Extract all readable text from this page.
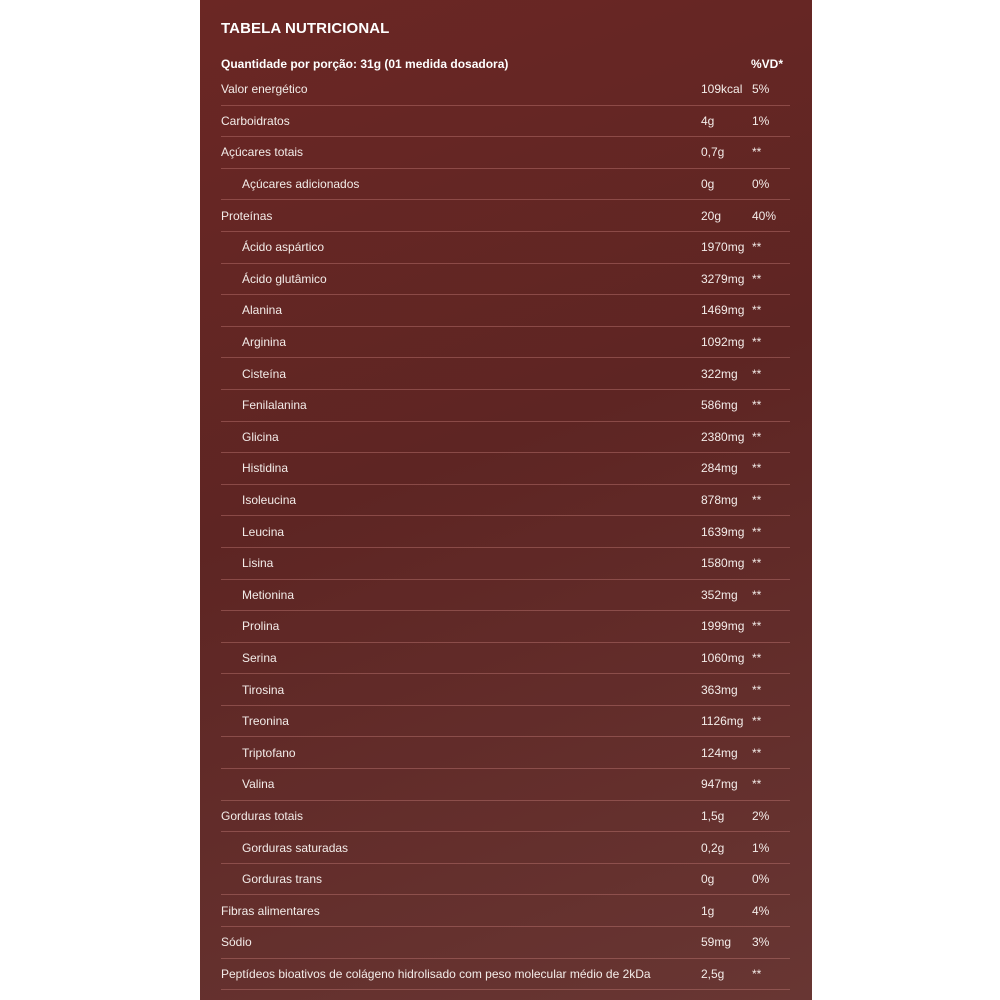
TABELA NUTRICIONAL
Quantidade por porção: 31g (01 medida dosadora)	%VD*
Valor energético	109kcal 5%
Carboidratos	4g	1%
Açúcares totais	0,7g **
Açúcares adicionados	0g	0%
Proteínas	20g	40%
Ácido aspártico	1970mg **
Ácido glutâmico	3279mg **
Alanina	1469mg **
Arginina	1092mg **
Cisteína	322mg **
Fenilalanina	586mg **
Glicina	2380mg **
Histidina	284mg **
Isoleucina	878mg **
Leucina	1639mg **
Lisina	1580mg **
Metionina	352mg **
Prolina	1999mg **
Serina	1060mg **
Tirosina	363mg **
Treonina	1126mg **
Triptofano	124mg **
Valina	947mg **
Gorduras totais	1,5g 2%
Gorduras saturadas	0,2g 1%
Gorduras trans	0g	0%
Fibras alimentares	1g	4%
Sódio	59mg 3%
Peptídeos bioativos de colágeno hidrolisado com peso molecular médio de 2kDa	2,5g **
